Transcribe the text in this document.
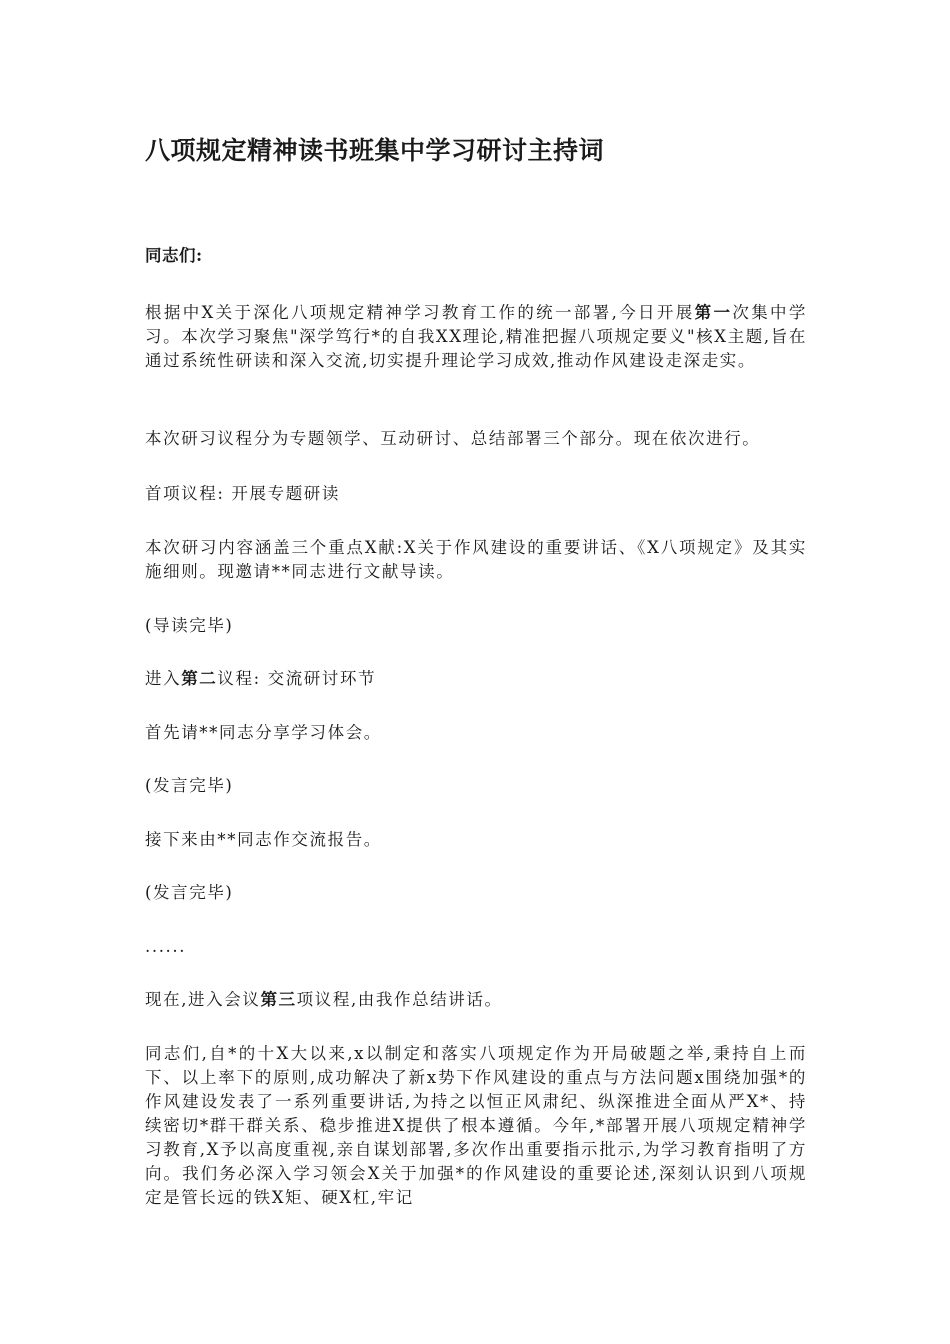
八项规定精神读书班集中学习研讨主持词

同志们:

根据中X关于深化八项规定精神学习教育工作的统一部署,今日开展第一次集中学习。本次学习聚焦"深学笃行*的自我XX理论,精准把握八项规定要义"核X主题,旨在通过系统性研读和深入交流,切实提升理论学习成效,推动作风建设走深走实。

本次研习议程分为专题领学、互动研讨、总结部署三个部分。现在依次进行。

首项议程: 开展专题研读

本次研习内容涵盖三个重点X献:X关于作风建设的重要讲话、《X八项规定》及其实施细则。现邀请**同志进行文献导读。

(导读完毕)

进入第二议程: 交流研讨环节

首先请**同志分享学习体会。

(发言完毕)

接下来由**同志作交流报告。

(发言完毕)

......

现在,进入会议第三项议程,由我作总结讲话。

同志们,自*的十X大以来,x以制定和落实八项规定作为开局破题之举,秉持自上而下、以上率下的原则,成功解决了新x势下作风建设的重点与方法问题x围绕加强*的作风建设发表了一系列重要讲话,为持之以恒正风肃纪、纵深推进全面从严X*、持续密切*群干群关系、稳步推进X提供了根本遵循。今年,*部署开展八项规定精神学习教育,X予以高度重视,亲自谋划部署,多次作出重要指示批示,为学习教育指明了方向。我们务必深入学习领会X关于加强*的作风建设的重要论述,深刻认识到八项规定是管长远的铁X矩、硬X杠,牢记
